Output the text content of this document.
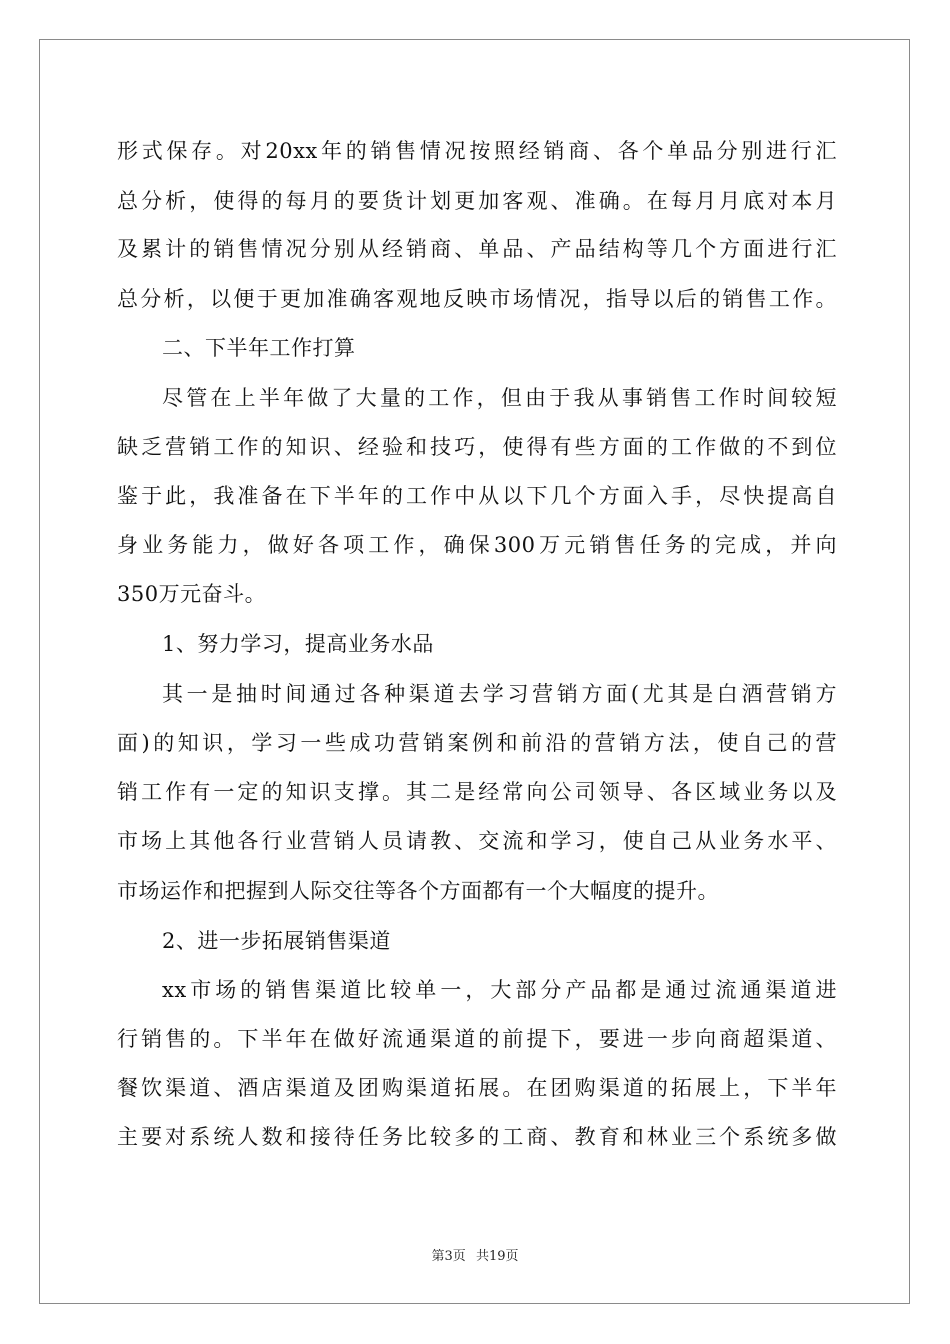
形式保存。对20xx年的销售情况按照经销商、各个单品分别进行汇
总分析，使得的每月的要货计划更加客观、准确。在每月月底对本月
及累计的销售情况分别从经销商、单品、产品结构等几个方面进行汇
总分析，以便于更加准确客观地反映市场情况，指导以后的销售工作。
二、下半年工作打算
尽管在上半年做了大量的工作，但由于我从事销售工作时间较短
缺乏营销工作的知识、经验和技巧，使得有些方面的工作做的不到位
鉴于此，我准备在下半年的工作中从以下几个方面入手，尽快提高自
身业务能力，做好各项工作，确保300万元销售任务的完成，并向
350万元奋斗。
1、努力学习，提高业务水品
其一是抽时间通过各种渠道去学习营销方面(尤其是白酒营销方
面)的知识，学习一些成功营销案例和前沿的营销方法，使自己的营
销工作有一定的知识支撑。其二是经常向公司领导、各区域业务以及
市场上其他各行业营销人员请教、交流和学习，使自己从业务水平、
市场运作和把握到人际交往等各个方面都有一个大幅度的提升。
2、进一步拓展销售渠道
xx市场的销售渠道比较单一，大部分产品都是通过流通渠道进
行销售的。下半年在做好流通渠道的前提下，要进一步向商超渠道、
餐饮渠道、酒店渠道及团购渠道拓展。在团购渠道的拓展上，下半年
主要对系统人数和接待任务比较多的工商、教育和林业三个系统多做
第3页 共19页
